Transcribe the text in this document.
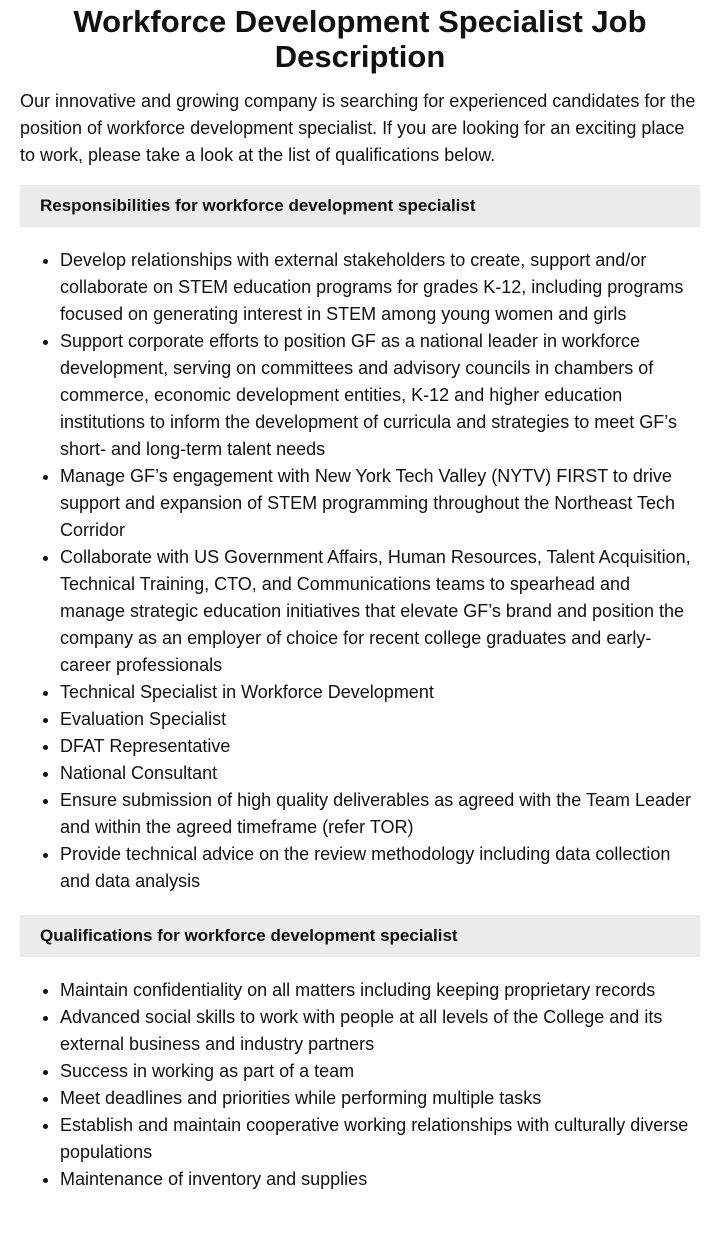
Workforce Development Specialist Job Description

Our innovative and growing company is searching for experienced candidates for the position of workforce development specialist. If you are looking for an exciting place to work, please take a look at the list of qualifications below.

Responsibilities for workforce development specialist
• Develop relationships with external stakeholders to create, support and/or collaborate on STEM education programs for grades K-12, including programs focused on generating interest in STEM among young women and girls
• Support corporate efforts to position GF as a national leader in workforce development, serving on committees and advisory councils in chambers of commerce, economic development entities, K-12 and higher education institutions to inform the development of curricula and strategies to meet GF’s short- and long-term talent needs
• Manage GF’s engagement with New York Tech Valley (NYTV) FIRST to drive support and expansion of STEM programming throughout the Northeast Tech Corridor
• Collaborate with US Government Affairs, Human Resources, Talent Acquisition, Technical Training, CTO, and Communications teams to spearhead and manage strategic education initiatives that elevate GF’s brand and position the company as an employer of choice for recent college graduates and early-career professionals
• Technical Specialist in Workforce Development
• Evaluation Specialist
• DFAT Representative
• National Consultant
• Ensure submission of high quality deliverables as agreed with the Team Leader and within the agreed timeframe (refer TOR)
• Provide technical advice on the review methodology including data collection and data analysis
Qualifications for workforce development specialist
• Maintain confidentiality on all matters including keeping proprietary records
• Advanced social skills to work with people at all levels of the College and its external business and industry partners
• Success in working as part of a team
• Meet deadlines and priorities while performing multiple tasks
• Establish and maintain cooperative working relationships with culturally diverse populations
• Maintenance of inventory and supplies
